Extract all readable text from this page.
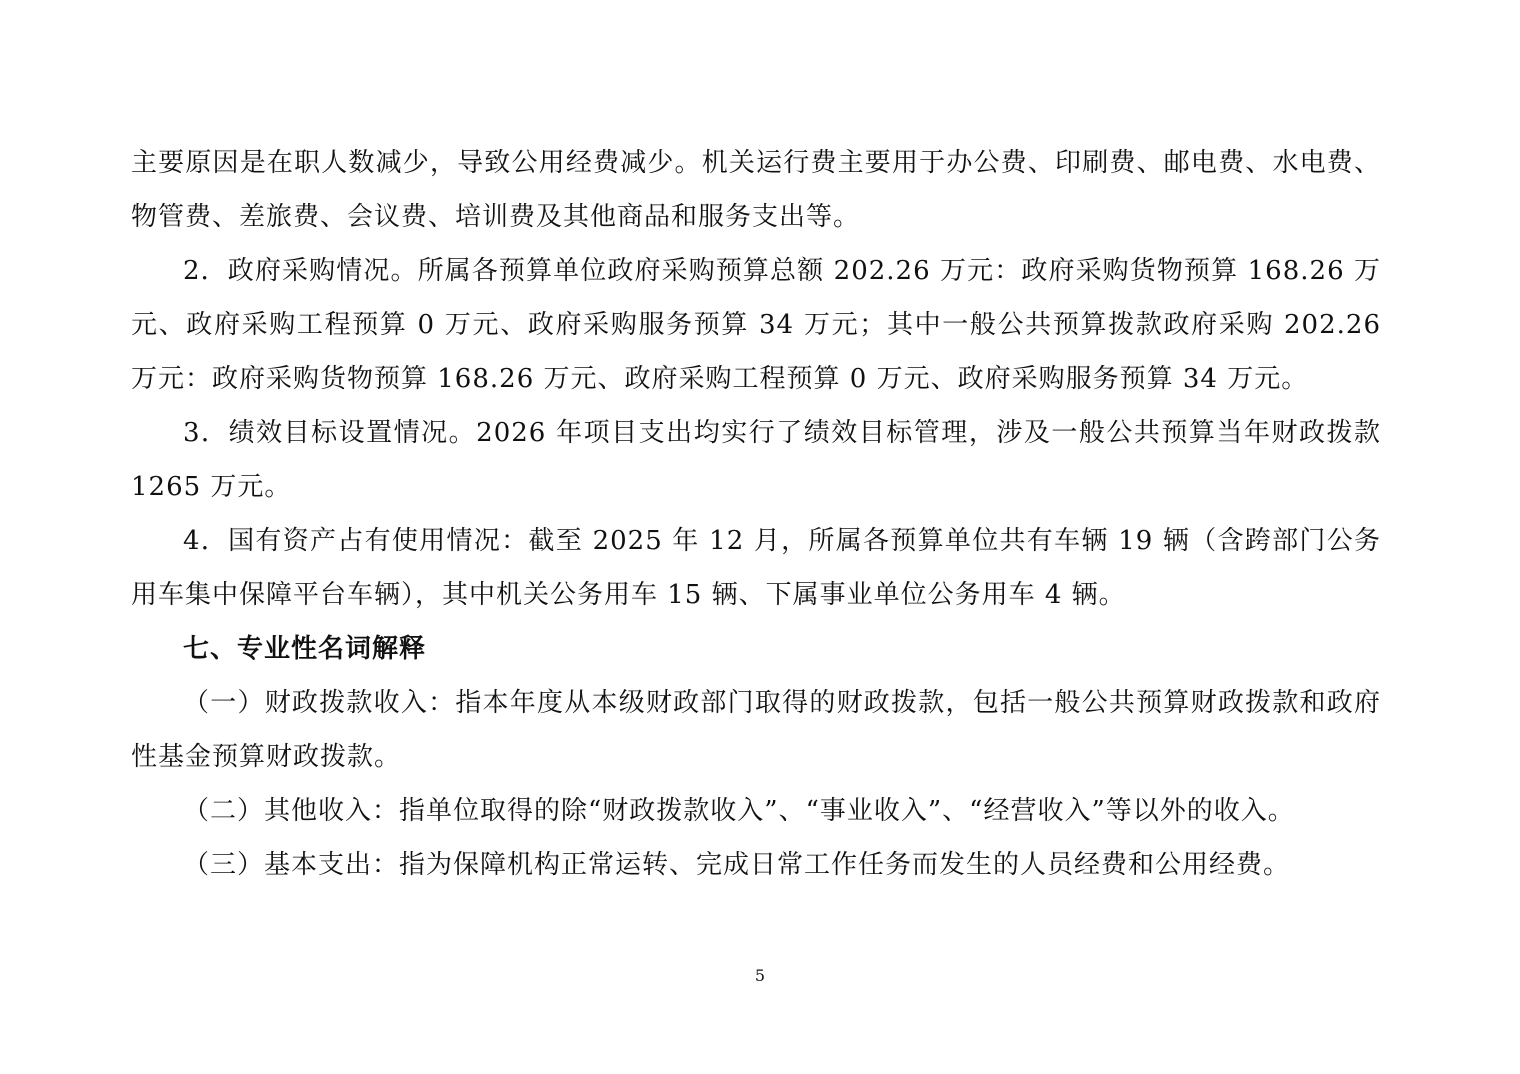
主要原因是在职人数减少，导致公用经费减少。机关运行费主要用于办公费、印刷费、邮电费、水电费、物管费、差旅费、会议费、培训费及其他商品和服务支出等。

2．政府采购情况。所属各预算单位政府采购预算总额 202.26 万元：政府采购货物预算 168.26 万元、政府采购工程预算 0 万元、政府采购服务预算 34 万元；其中一般公共预算拨款政府采购 202.26 万元：政府采购货物预算 168.26 万元、政府采购工程预算 0 万元、政府采购服务预算 34 万元。

3．绩效目标设置情况。2026 年项目支出均实行了绩效目标管理，涉及一般公共预算当年财政拨款 1265 万元。

4．国有资产占有使用情况：截至 2025 年 12 月，所属各预算单位共有车辆 19 辆（含跨部门公务用车集中保障平台车辆），其中机关公务用车 15 辆、下属事业单位公务用车 4 辆。

七、专业性名词解释

（一）财政拨款收入：指本年度从本级财政部门取得的财政拨款，包括一般公共预算财政拨款和政府性基金预算财政拨款。

（二）其他收入：指单位取得的除“财政拨款收入”、“事业收入”、“经营收入”等以外的收入。

（三）基本支出：指为保障机构正常运转、完成日常工作任务而发生的人员经费和公用经费。

5
